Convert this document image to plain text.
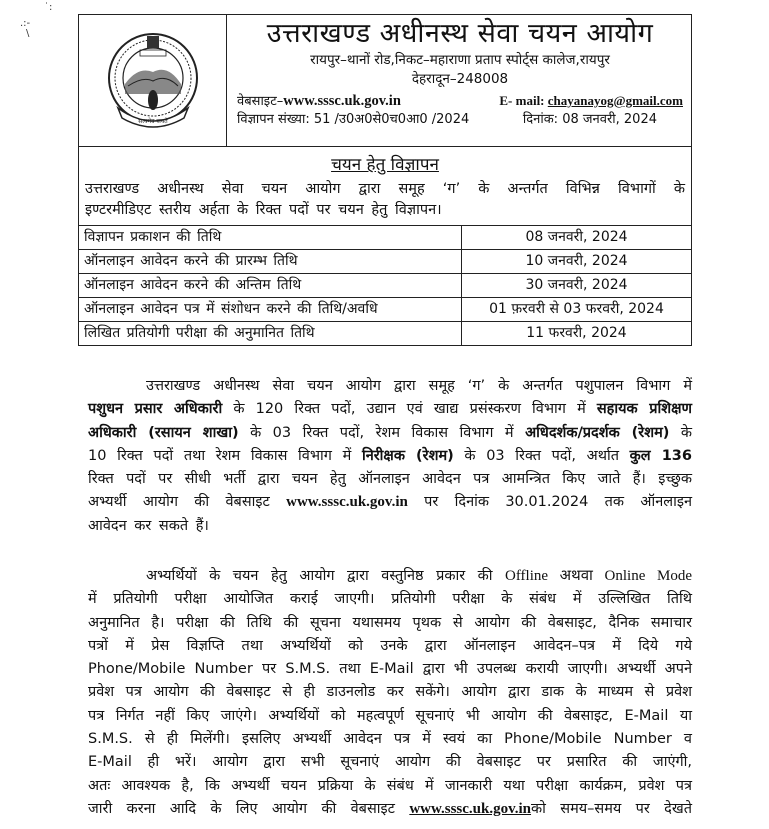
˙:
.:‐
\
सत्यमेव जयते
उत्तराखण्ड अधीनस्थ सेवा चयन आयोग
रायपुर–थानों रोड,निकट–महाराणा प्रताप स्पोर्ट्स कालेज,रायपुर
देहरादून–248008
वेबसाइट–www.sssc.uk.gov.in	E- mail: chayanayog@gmail.com
विज्ञापन संख्या: 51 /उ0अ0से0च0आ0 /2024	दिनांक: 08 जनवरी, 2024
चयन हेतु विज्ञापन
उत्तराखण्ड अधीनस्थ सेवा चयन आयोग द्वारा समूह ‘ग’ के अन्तर्गत विभिन्न विभागों के
इण्टरमीडिएट स्तरीय अर्हता के रिक्त पदों पर चयन हेतु विज्ञापन।
विज्ञापन प्रकाशन की तिथि	08 जनवरी, 2024
ऑनलाइन आवेदन करने की प्रारम्भ तिथि	10 जनवरी, 2024
ऑनलाइन आवेदन करने की अन्तिम तिथि	30 जनवरी, 2024
ऑनलाइन आवेदन पत्र में संशोधन करने की तिथि/अवधि	01 फ़रवरी से 03 फरवरी, 2024
लिखित प्रतियोगी परीक्षा की अनुमानित तिथि	11 फरवरी, 2024
उत्तराखण्ड अधीनस्थ सेवा चयन आयोग द्वारा समूह ‘ग’ के अन्तर्गत पशुपालन विभाग में
पशुधन प्रसार अधिकारी के 120 रिक्त पदों, उद्यान एवं खाद्य प्रसंस्करण विभाग में सहायक प्रशिक्षण
अधिकारी (रसायन शाखा) के 03 रिक्त पदों, रेशम विकास विभाग में अधिदर्शक/प्रदर्शक (रेशम) के
10 रिक्त पदों तथा रेशम विकास विभाग में निरीक्षक (रेशम) के 03 रिक्त पदों, अर्थात कुल 136
रिक्त पदों पर सीधी भर्ती द्वारा चयन हेतु ऑनलाइन आवेदन पत्र आमन्त्रित किए जाते हैं। इच्छुक
अभ्यर्थी आयोग की वेबसाइट www.sssc.uk.gov.in पर दिनांक 30.01.2024 तक ऑनलाइन
आवेदन कर सकते हैं।
अभ्यर्थियों के चयन हेतु आयोग द्वारा वस्तुनिष्ठ प्रकार की Offline अथवा Online Mode
में प्रतियोगी परीक्षा आयोजित कराई जाएगी। प्रतियोगी परीक्षा के संबंध में उल्लिखित तिथि
अनुमानित है। परीक्षा की तिथि की सूचना यथासमय पृथक से आयोग की वेबसाइट, दैनिक समाचार
पत्रों में प्रेस विज्ञप्ति तथा अभ्यर्थियों को उनके द्वारा ऑनलाइन आवेदन–पत्र में दिये गये
Phone/Mobile Number पर S.M.S. तथा E-Mail द्वारा भी उपलब्ध करायी जाएगी। अभ्यर्थी अपने
प्रवेश पत्र आयोग की वेबसाइट से ही डाउनलोड कर सकेंगे। आयोग द्वारा डाक के माध्यम से प्रवेश
पत्र निर्गत नहीं किए जाएंगे। अभ्यर्थियों को महत्वपूर्ण सूचनाएं भी आयोग की वेबसाइट, E-Mail या
S.M.S. से ही मिलेंगी। इसलिए अभ्यर्थी आवेदन पत्र में स्वयं का Phone/Mobile Number व
E-Mail ही भरें। आयोग द्वारा सभी सूचनाएं आयोग की वेबसाइट पर प्रसारित की जाएंगी,
अतः आवश्यक है, कि अभ्यर्थी चयन प्रक्रिया के संबंध में जानकारी यथा परीक्षा कार्यक्रम, प्रवेश पत्र
जारी करना आदि के लिए आयोग की वेबसाइट www.sssc.uk.gov.inको समय–समय पर देखते
